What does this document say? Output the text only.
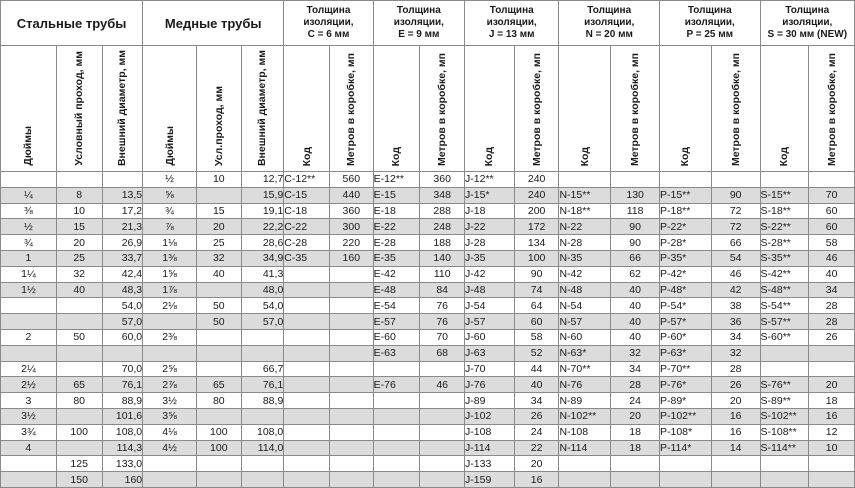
Стальные трубы			Медные трубы			Толщина
изоляции,
C = 6 мм		Толщина
изоляции,
E = 9 мм		Толщина
изоляции,
J = 13 мм		Толщина
изоляции,
N = 20 мм		Толщина
изоляции,
P = 25 мм		Толщина
изоляции,
S = 30 мм (NEW)	
Дюймы	Условный проход, мм	Внешний диаметр, мм	Дюймы	Усл.проход, мм	Внешний диаметр, мм	Код	Метров в коробке, мп	Код	Метров в коробке, мп	Код	Метров в коробке, мп	Код	Метров в коробке, мп	Код	Метров в коробке, мп	Код	Метров в коробке, мп
			½	10	12,7	C-12**	560	E-12**	360	J-12**	240						
¼	8	13,5	⅝		15,9	C-15	440	E-15	348	J-15*	240	N-15**	130	P-15**	90	S-15**	70
⅜	10	17,2	¾	15	19,1	C-18	360	E-18	288	J-18	200	N-18**	118	P-18**	72	S-18**	60
½	15	21,3	⅞	20	22,2	C-22	300	E-22	248	J-22	172	N-22	90	P-22*	72	S-22**	60
¾	20	26,9	1⅛	25	28,6	C-28	220	E-28	188	J-28	134	N-28	90	P-28*	66	S-28**	58
1	25	33,7	1⅜	32	34,9	C-35	160	E-35	140	J-35	100	N-35	66	P-35*	54	S-35**	46
1¼	32	42,4	1⅝	40	41,3			E-42	110	J-42	90	N-42	62	P-42*	46	S-42**	40
1½	40	48,3	1⅞		48,0			E-48	84	J-48	74	N-48	40	P-48*	42	S-48**	34
		54,0	2⅛	50	54,0			E-54	76	J-54	64	N-54	40	P-54*	38	S-54**	28
		57,0		50	57,0			E-57	76	J-57	60	N-57	40	P-57*	36	S-57**	28
2	50	60,0	2⅜					E-60	70	J-60	58	N-60	40	P-60*	34	S-60**	26
								E-63	68	J-63	52	N-63*	32	P-63*	32		
2¼		70,0	2⅝		66,7					J-70	44	N-70**	34	P-70**	28		
2½	65	76,1	2⅞	65	76,1			E-76	46	J-76	40	N-76	28	P-76*	26	S-76**	20
3	80	88,9	3½	80	88,9					J-89	34	N-89	24	P-89*	20	S-89**	18
3½		101,6	3⅝							J-102	26	N-102**	20	P-102**	16	S-102**	16
3¾	100	108,0	4⅛	100	108,0					J-108	24	N-108	18	P-108*	16	S-108**	12
4		114,3	4½	100	114,0					J-114	22	N-114	18	P-114*	14	S-114**	10
	125	133,0								J-133	20						
	150	160								J-159	16						
